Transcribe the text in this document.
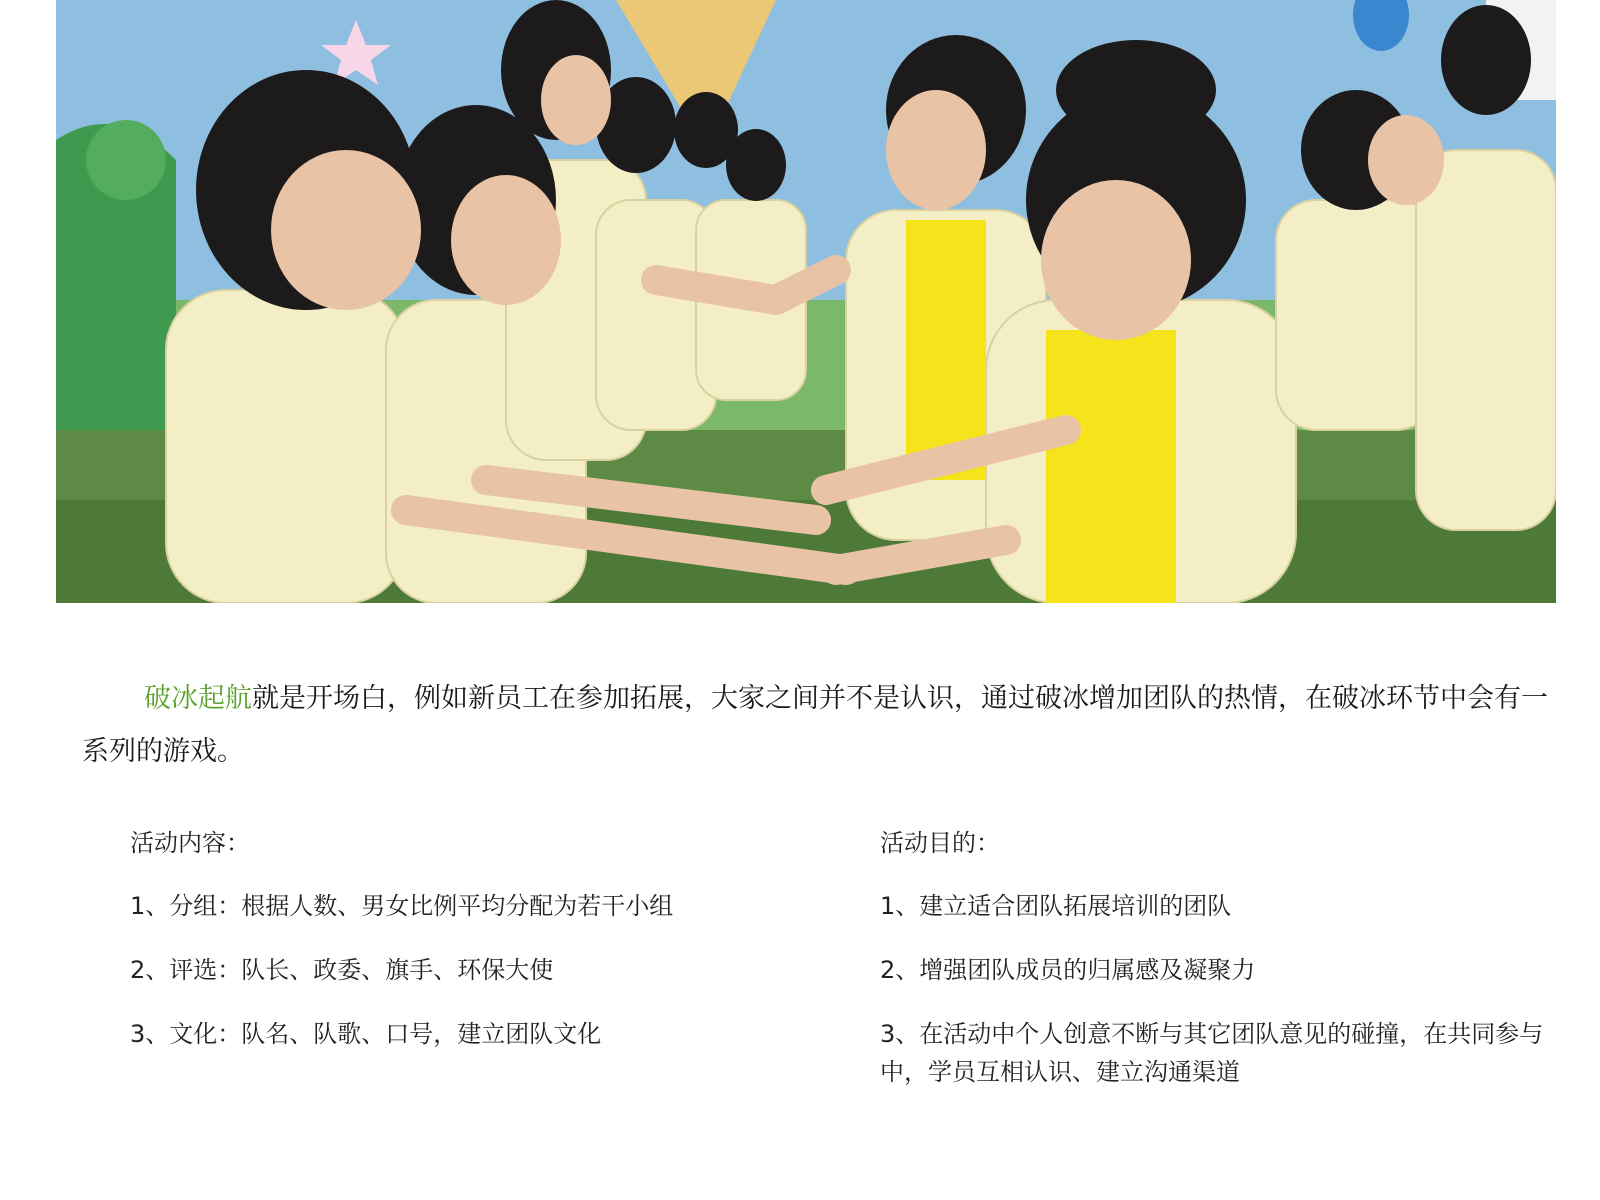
破冰起航就是开场白，例如新员工在参加拓展，大家之间并不是认识，通过破冰增加团队的热情，在破冰环节中会有一系列的游戏。

活动内容：
1、分组：根据人数、男女比例平均分配为若干小组
2、评选：队长、政委、旗手、环保大使
3、文化：队名、队歌、口号，建立团队文化
活动目的：
1、建立适合团队拓展培训的团队
2、增强团队成员的归属感及凝聚力
3、在活动中个人创意不断与其它团队意见的碰撞，在共同参与中，学员互相认识、建立沟通渠道
